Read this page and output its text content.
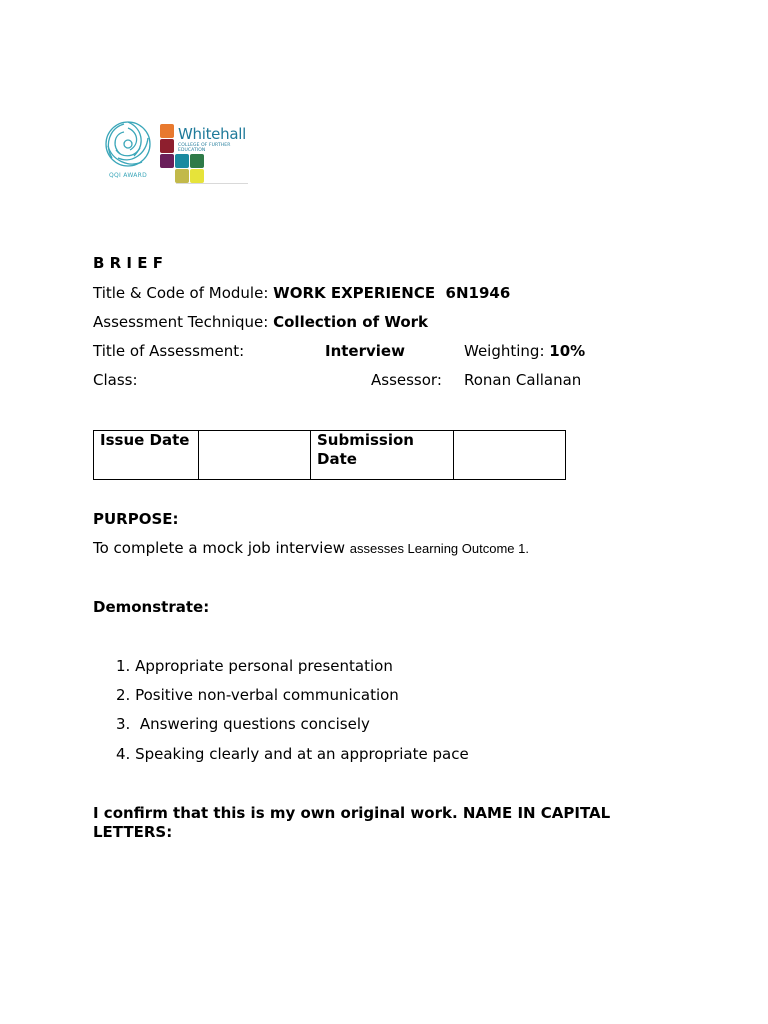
QQI AWARD
Whitehall
COLLEGE OF FURTHER EDUCATION
B R I E F
Title & Code of Module: WORK EXPERIENCE  6N1946
Assessment Technique: Collection of Work
Title of Assessment:	Interview	Weighting: 10%
Class:	Assessor: Ronan Callanan
Issue Date		Submission Date	
PURPOSE:
To complete a mock job interview assesses Learning Outcome 1.
Demonstrate:
1. Appropriate personal presentation
2. Positive non-verbal communication
3.  Answering questions concisely
4. Speaking clearly and at an appropriate pace
I confirm that this is my own original work. NAME IN CAPITAL LETTERS:
